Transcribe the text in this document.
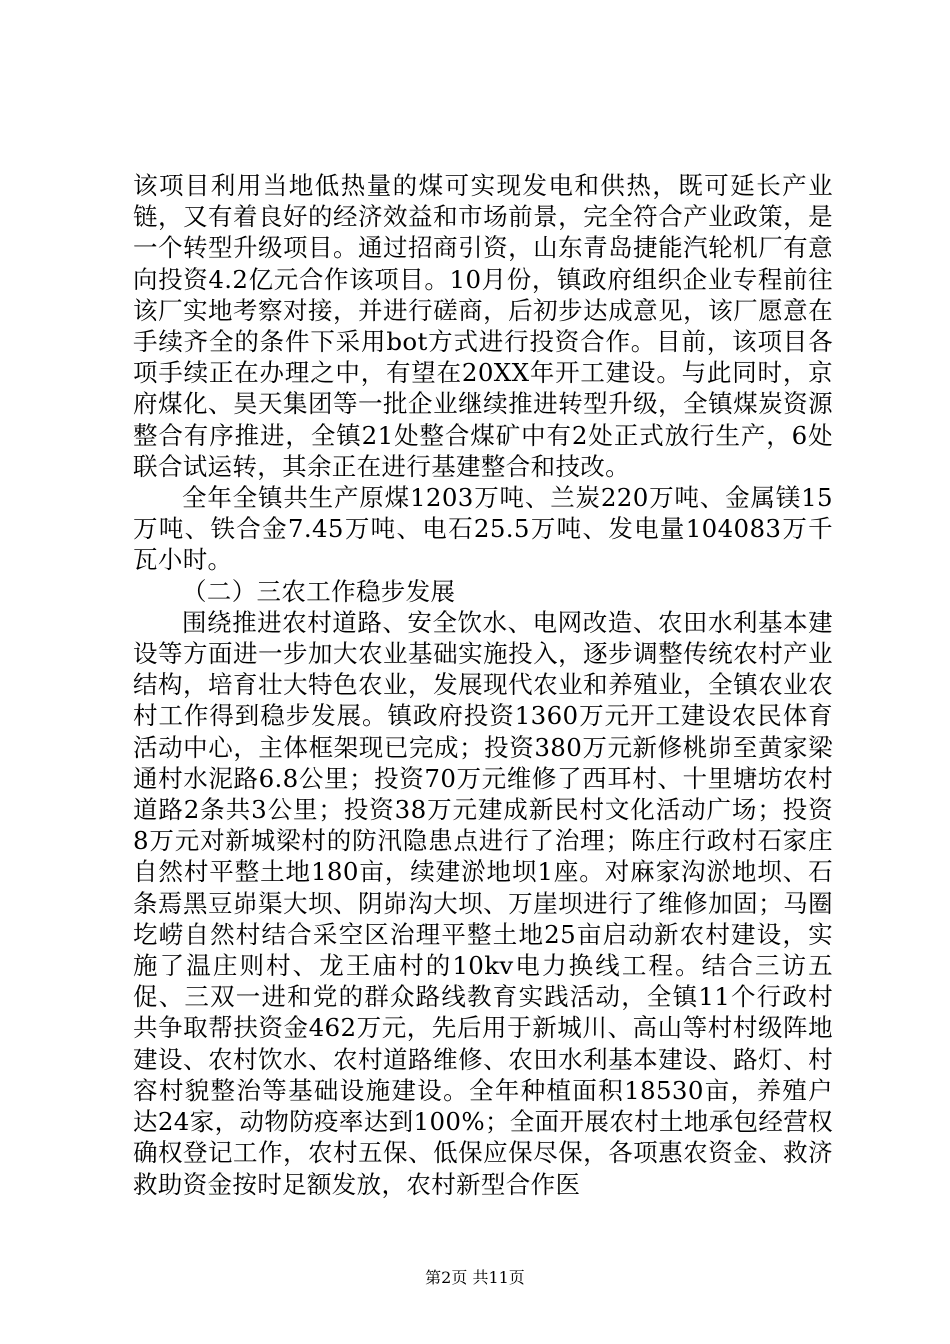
该项目利用当地低热量的煤可实现发电和供热，既可延长产业链，又有着良好的经济效益和市场前景，完全符合产业政策，是一个转型升级项目。通过招商引资，山东青岛捷能汽轮机厂有意向投资4.2亿元合作该项目。10月份，镇政府组织企业专程前往该厂实地考察对接，并进行磋商，后初步达成意见，该厂愿意在手续齐全的条件下采用bot方式进行投资合作。目前，该项目各项手续正在办理之中，有望在20XX年开工建设。与此同时，京府煤化、昊天集团等一批企业继续推进转型升级，全镇煤炭资源整合有序推进，全镇21处整合煤矿中有2处正式放行生产，6处联合试运转，其余正在进行基建整合和技改。

全年全镇共生产原煤1203万吨、兰炭220万吨、金属镁15万吨、铁合金7.45万吨、电石25.5万吨、发电量104083万千瓦小时。

（二）三农工作稳步发展

围绕推进农村道路、安全饮水、电网改造、农田水利基本建设等方面进一步加大农业基础实施投入，逐步调整传统农村产业结构，培育壮大特色农业，发展现代农业和养殖业，全镇农业农村工作得到稳步发展。镇政府投资1360万元开工建设农民体育活动中心，主体框架现已完成；投资380万元新修桃峁至黄家梁通村水泥路6.8公里；投资70万元维修了西耳村、十里塘坊农村道路2条共3公里；投资38万元建成新民村文化活动广场；投资8万元对新城梁村的防汛隐患点进行了治理；陈庄行政村石家庄自然村平整土地180亩，续建淤地坝1座。对麻家沟淤地坝、石条焉黑豆峁渠大坝、阴峁沟大坝、万崖坝进行了维修加固；马圈圪崂自然村结合采空区治理平整土地25亩启动新农村建设，实施了温庄则村、龙王庙村的10kv电力换线工程。结合三访五促、三双一进和党的群众路线教育实践活动，全镇11个行政村共争取帮扶资金462万元，先后用于新城川、高山等村村级阵地建设、农村饮水、农村道路维修、农田水利基本建设、路灯、村容村貌整治等基础设施建设。全年种植面积18530亩，养殖户达24家，动物防疫率达到100%；全面开展农村土地承包经营权确权登记工作，农村五保、低保应保尽保，各项惠农资金、救济救助资金按时足额发放，农村新型合作医

第2页 共11页
